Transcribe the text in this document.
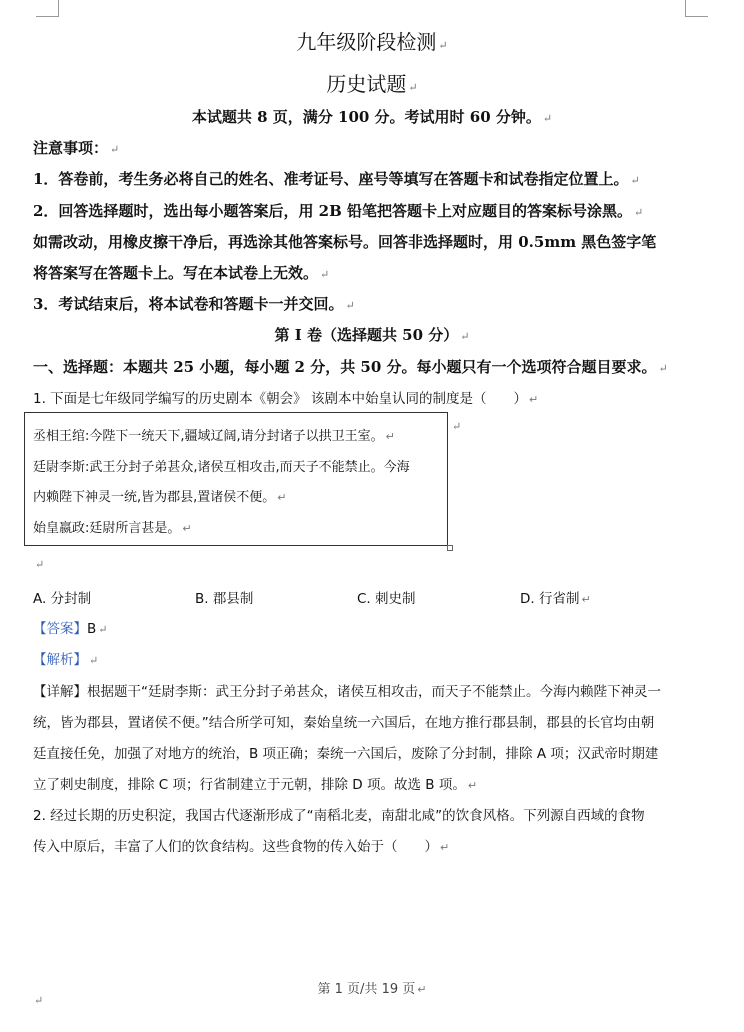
九年级阶段检测 ↵
历史试题 ↵
本试题共 8 页，满分 100 分。考试用时 60 分钟。 ↵
注意事项： ↵
1．答卷前，考生务必将自己的姓名、准考证号、座号等填写在答题卡和试卷指定位置上。 ↵
2．回答选择题时，选出每小题答案后，用 2B 铅笔把答题卡上对应题目的答案标号涂黑。 ↵
如需改动，用橡皮擦干净后，再选涂其他答案标号。回答非选择题时，用 0.5mm 黑色签字笔
将答案写在答题卡上。写在本试卷上无效。 ↵
3．考试结束后，将本试卷和答题卡一并交回。 ↵
第 I 卷（选择题共 50 分） ↵
一、选择题：本题共 25 小题，每小题 2 分，共 50 分。每小题只有一个选项符合题目要求。 ↵
1. 下面是七年级同学编写的历史剧本《朝会》 该剧本中始皇认同的制度是（　　） ↵
丞相王绾:今陛下一统天下,疆域辽阔,请分封诸子以拱卫王室。 ↵
廷尉李斯:武王分封子弟甚众,诸侯互相攻击,而天子不能禁止。今海
内赖陛下神灵一统,皆为郡县,置诸侯不便。 ↵
始皇嬴政:廷尉所言甚是。 ↵
↵
↵
A. 分封制	B. 郡县制	C. 刺史制	D. 行省制 ↵
【答案】B ↵
【解析】 ↵
【详解】根据题干“廷尉李斯：武王分封子弟甚众，诸侯互相攻击，而天子不能禁止。今海内赖陛下神灵一
统，皆为郡县，置诸侯不便。”结合所学可知，秦始皇统一六国后，在地方推行郡县制，郡县的长官均由朝
廷直接任免，加强了对地方的统治，B 项正确；秦统一六国后，废除了分封制，排除 A 项；汉武帝时期建
立了刺史制度，排除 C 项；行省制建立于元朝，排除 D 项。故选 B 项。 ↵
2. 经过长期的历史积淀，我国古代逐渐形成了“南稻北麦，南甜北咸”的饮食风格。下列源自西域的食物
传入中原后，丰富了人们的饮食结构。这些食物的传入始于（　　） ↵
第 1 页/共 19 页 ↵
↵
